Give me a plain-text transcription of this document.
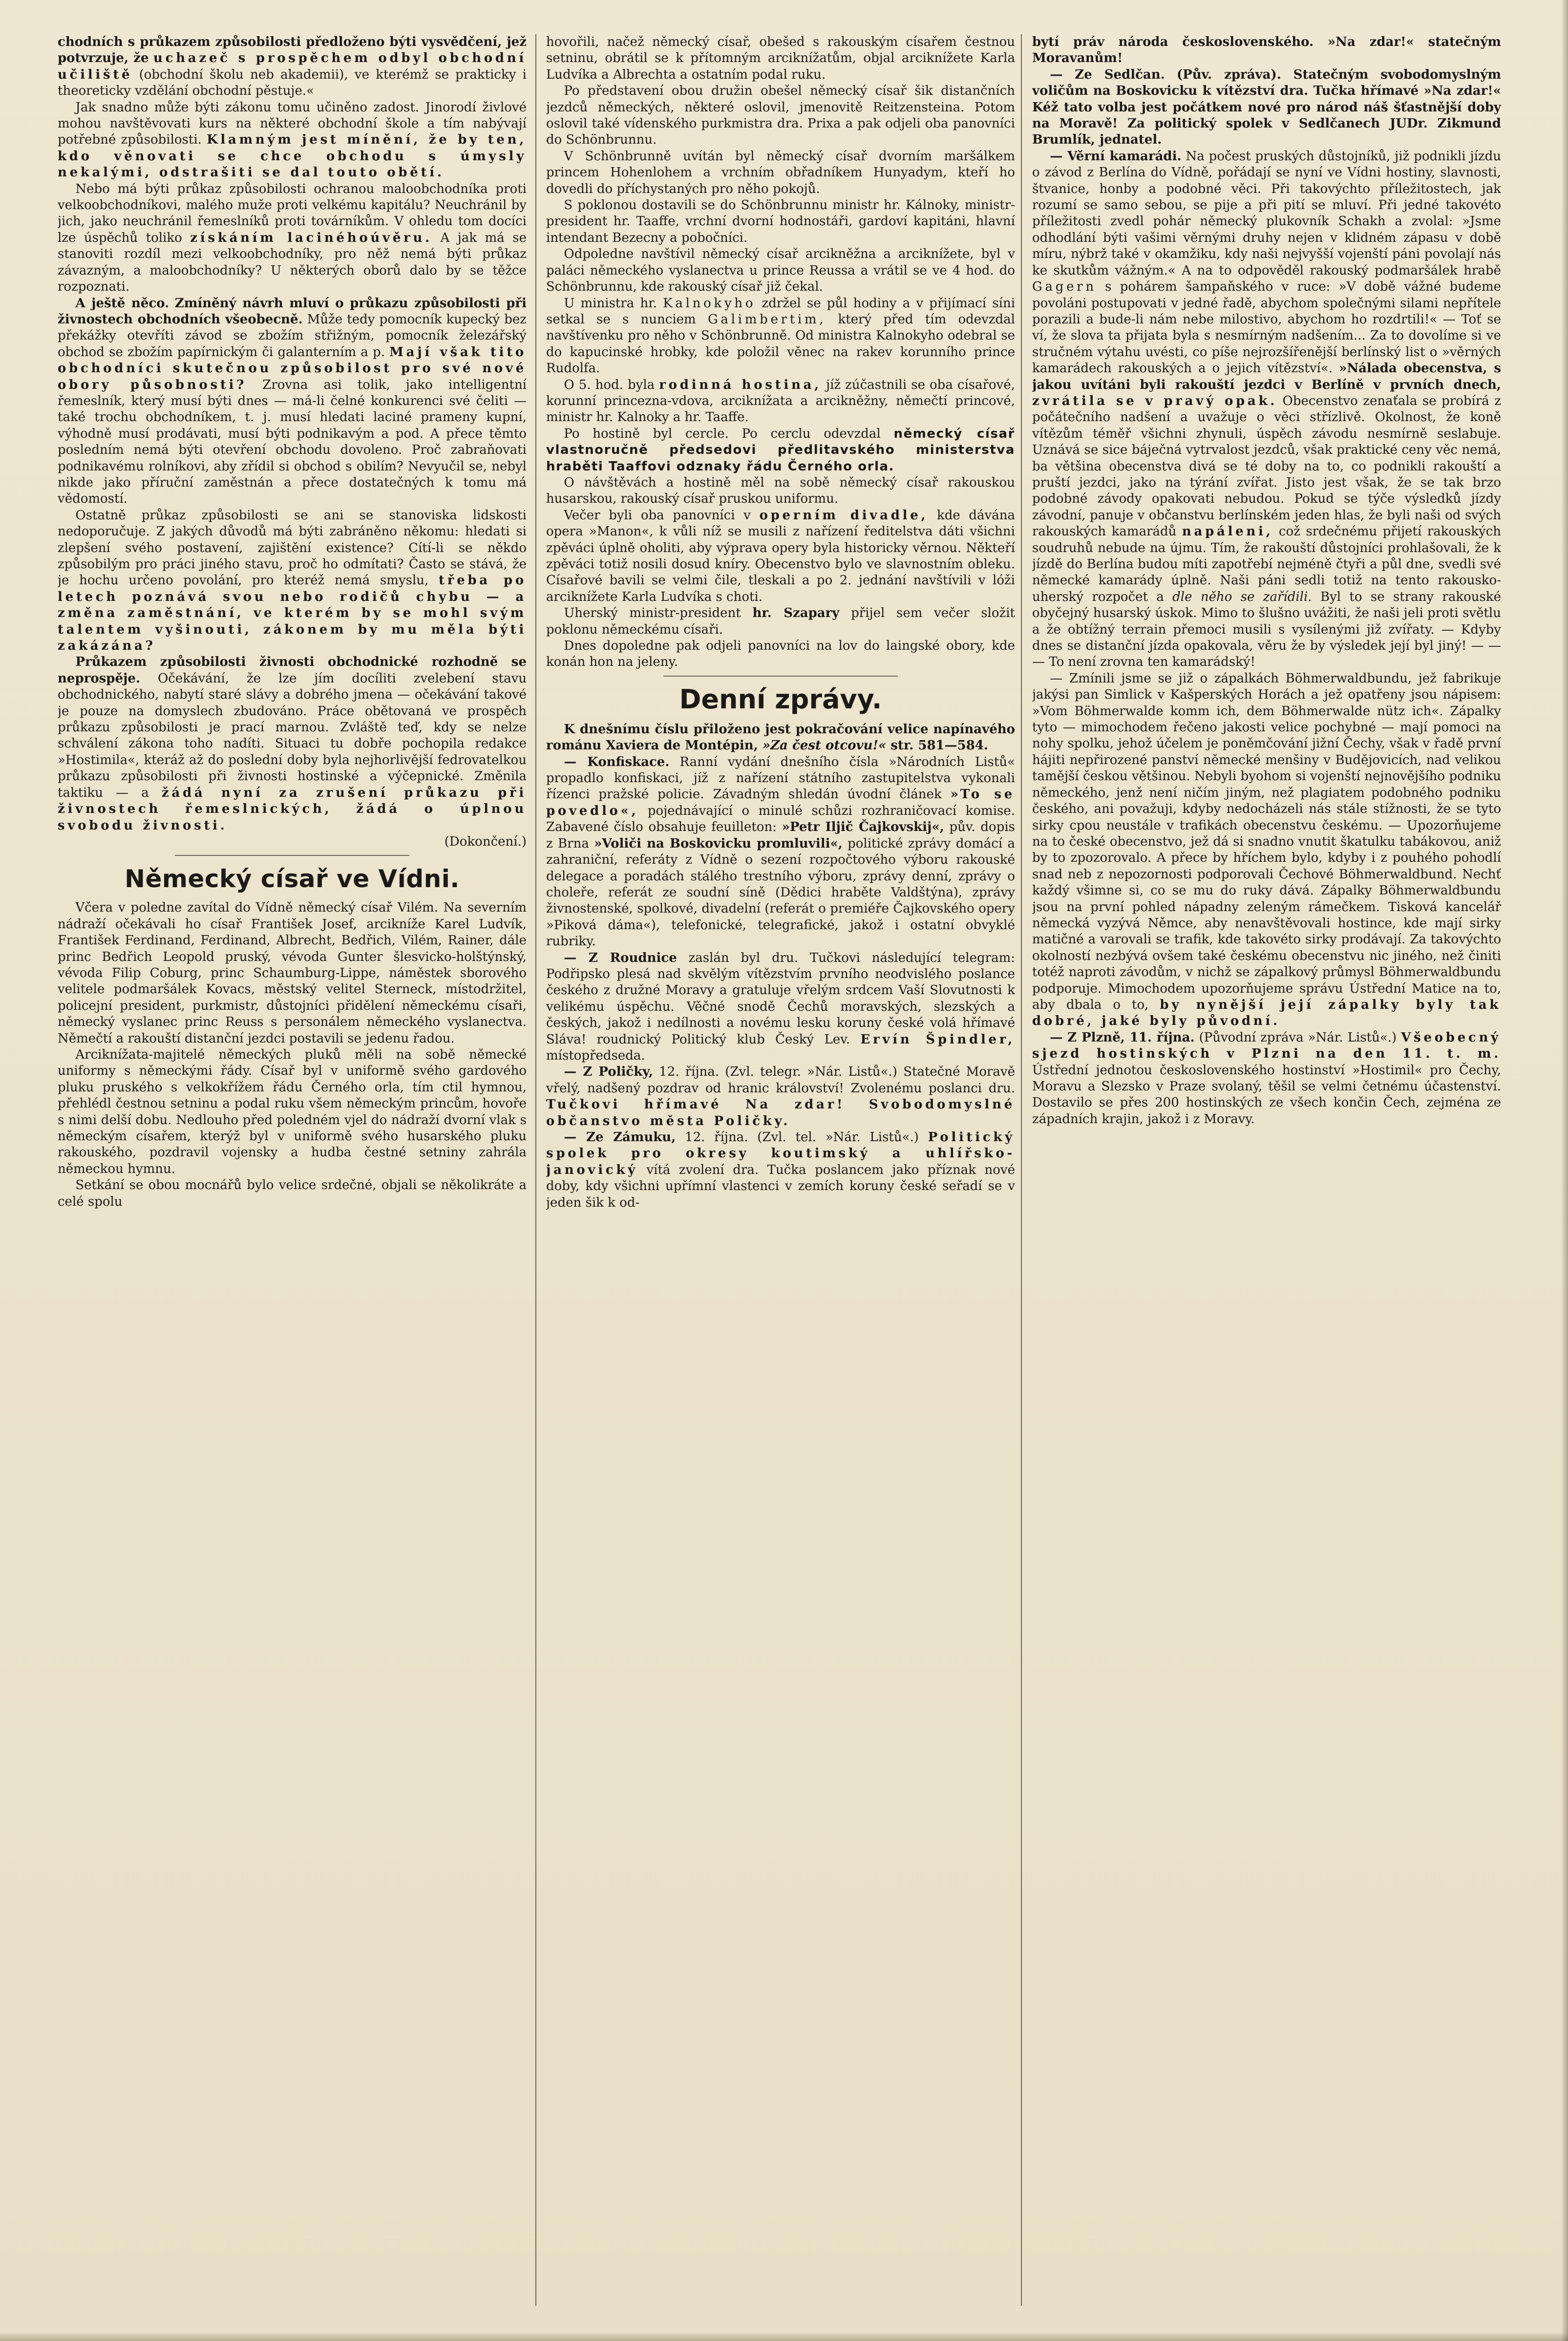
chodních s průkazem způsobilosti předloženo býti vysvědčení, jež potvrzuje, že uchazeč s prospěchem odbyl obchodní učiliště (obchodní školu neb akademii), ve kterémž se prakticky i theoreticky vzdělání obchodní pěstuje.«

Jak snadno může býti zákonu tomu učiněno zadost. Jinorodí živlové mohou navštěvovati kurs na některé obchodní škole a tím nabývají potřebné způsobilosti. Klamným jest mínění, že by ten, kdo věnovati se chce obchodu s úmysly nekalými, odstrašiti se dal touto obětí.

Nebo má býti průkaz způsobilosti ochranou maloobchodníka proti velkoobchodníkovi, malého muže proti velkému kapitálu? Neuchránil by jich, jako neuchránil řemeslníků proti továrníkům. V ohledu tom docíci lze úspěchů toliko získáním lacinéhoúvěru. A jak má se stanoviti rozdíl mezi velkoobchodníky, pro něž nemá býti průkaz závazným, a maloobchodníky? U některých oborů dalo by se těžce rozpoznati.

A ještě něco. Zmíněný návrh mluví o průkazu způsobilosti při živnostech obchodních všeobecně. Může tedy pomocník kupecký bez překážky otevříti závod se zbožím střižným, pomocník železářský obchod se zbožím papírnickým či galanterním a p. Mají však tito obchodníci skutečnou způsobilost pro své nové obory působnosti? Zrovna asi tolik, jako intelligentní řemeslník, který musí býti dnes — má-li čelné konkurenci své čeliti — také trochu obchodníkem, t. j. musí hledati laciné prameny kupní, výhodně musí prodávati, musí býti podnikavým a pod. A přece těmto posledním nemá býti otevření obchodu dovoleno. Proč zabraňovati podnikavému rolníkovi, aby zřídil si obchod s obilím? Nevyučil se, nebyl nikde jako příruční zaměstnán a přece dostatečných k tomu má vědomostí.

Ostatně průkaz způsobilosti se ani se stanoviska lidskosti nedoporučuje. Z jakých důvodů má býti zabráněno někomu: hledati si zlepšení svého postavení, zajištění existence? Cítí-li se někdo způsobilým pro práci jiného stavu, proč ho odmítati? Často se stává, že je hochu určeno povolání, pro kteréž nemá smyslu, třeba po letech poznává svou nebo rodičů chybu — a změna zaměstnání, ve kterém by se mohl svým talentem vyšinouti, zákonem by mu měla býti zakázána?

Průkazem způsobilosti živnosti obchodnické rozhodně se neprospěje. Očekávání, že lze jím docíliti zvelebení stavu obchodnického, nabytí staré slávy a dobrého jmena — očekávání takové je pouze na domyslech zbudováno. Práce obětovaná ve prospěch průkazu způsobilosti je prací marnou. Zvláště teď, kdy se nelze schválení zákona toho nadíti. Situaci tu dobře pochopila redakce »Hostimila«, kteráž až do poslední doby byla nejhorlivější fedrovatelkou průkazu způsobilosti při živnosti hostinské a výčepnické. Změnila taktiku — a žádá nyní za zrušení průkazu při živnostech řemeslnických, žádá o úplnou svobodu živnosti.

(Dokončení.)

Německý císař ve Vídni.

Včera v poledne zavítal do Vídně německý císař Vilém. Na severním nádraží očekávali ho císař František Josef, arcikníže Karel Ludvík, František Ferdinand, Ferdinand, Albrecht, Bedřich, Vilém, Rainer, dále princ Bedřich Leopold pruský, vévoda Gunter šlesvicko-holštýnský, vévoda Filip Coburg, princ Schaumburg-Lippe, náměstek sborového velitele podmaršálek Kovacs, městský velitel Sterneck, místodržitel, policejní president, purkmistr, důstojníci přidělení německému císaři, německý vyslanec princ Reuss s personálem německého vyslanectva. Němečtí a rakouští distanční jezdci postavili se jedenu řadou.

Arciknížata-majitelé německých pluků měli na sobě německé uniformy s německými řády. Císař byl v uniformě svého gardového pluku pruského s velkokřížem řádu Černého orla, tím ctil hymnou, přehlédl čestnou setninu a podal ruku všem německým princům, hovoře s nimi delší dobu. Nedlouho před poledném vjel do nádraží dvorní vlak s německým císařem, kterýž byl v uniformě svého husarského pluku rakouského, pozdravil vojensky a hudba čestné setniny zahrála německou hymnu.

Setkání se obou mocnářů bylo velice srdečné, objali se několikráte a celé spolu

hovořili, načež německý císař, obešed s rakouským císařem čestnou setninu, obrátil se k přítomným arciknížatům, objal arciknížete Karla Ludvíka a Albrechta a ostatním podal ruku.

Po představení obou družin obešel německý císař šik distančních jezdců německých, některé oslovil, jmenovitě Reitzensteina. Potom oslovil také vídenského purkmistra dra. Prixa a pak odjeli oba panovníci do Schönbrunnu.

V Schönbrunně uvítán byl německý císař dvorním maršálkem princem Hohenlohem a vrchním obřadníkem Hunyadym, kteří ho dovedli do příchystaných pro něho pokojů.

S poklonou dostavili se do Schönbrunnu ministr hr. Kálnoky, ministr-president hr. Taaffe, vrchní dvorní hodnostáři, gardoví kapitáni, hlavní intendant Bezecny a pobočníci.

Odpoledne navštívil německý císař arcikněžna a arciknížete, byl v paláci německého vyslanectva u prince Reussa a vrátil se ve 4 hod. do Schönbrunnu, kde rakouský císař již čekal.

U ministra hr. Kalnokyho zdržel se půl hodiny a v přijímací síni setkal se s nunciem Galimbertim, který před tím odevzdal navštívenku pro něho v Schönbrunně. Od ministra Kalnokyho odebral se do kapucinské hrobky, kde položil věnec na rakev korunního prince Rudolfa.

O 5. hod. byla rodinná hostina, jíž zúčastnili se oba císařové, korunní princezna-vdova, arciknížata a arcikněžny, němečtí princové, ministr hr. Kalnoky a hr. Taaffe.

Po hostině byl cercle. Po cerclu odevzdal německý císař vlastnoručně předsedovi předlitavského ministerstva hraběti Taaffovi odznaky řádu Černého orla.

O návštěvách a hostině měl na sobě německý císař rakouskou husarskou, rakouský císař pruskou uniformu.

Večer byli oba panovníci v operním divadle, kde dávána opera »Manon«, k vůli níž se musili z nařízení ředitelstva dáti všichni zpěváci úplně oholiti, aby výprava opery byla historicky věrnou. Někteří zpěváci totiž nosili dosud kníry. Obecenstvo bylo ve slavnostním obleku. Císařové bavili se velmi čile, tleskali a po 2. jednání navštívili v lóži arciknížete Karla Ludvíka s choti.

Uherský ministr-president hr. Szapary přijel sem večer složit poklonu německému císaři.

Dnes dopoledne pak odjeli panovníci na lov do laingské obory, kde konán hon na jeleny.

Denní zprávy.

K dnešnímu číslu přiloženo jest pokračování velice napínavého románu Xaviera de Montépin, »Za čest otcovu!« str. 581—584.

— Konfiskace. Ranní vydání dnešního čísla »Národních Listů« propadlo konfiskaci, jíž z nařízení státního zastupitelstva vykonali řízenci pražské policie. Závadným shledán úvodní článek »To se povedlo«, pojednávající o minulé schůzi rozhraničovací komise. Zabavené číslo obsahuje feuilleton: »Petr Iljič Čajkovskij«, pův. dopis z Brna »Voliči na Boskovicku promluvili«, politické zprávy domácí a zahraniční, referáty z Vídně o sezení rozpočtového výboru rakouské delegace a poradách stálého trestního výboru, zprávy denní, zprávy o choleře, referát ze soudní síně (Dědici hraběte Valdštýna), zprávy živnostenské, spolkové, divadelní (referát o premiéře Čajkovského opery »Piková dáma«), telefonické, telegrafické, jakož i ostatní obvyklé rubriky.

— Z Roudnice zaslán byl dru. Tučkovi následující telegram: Podřipsko plesá nad skvělým vítězstvím prvního neodvislého poslance českého z družné Moravy a gratuluje vřelým srdcem Vaší Slovutnosti k velikému úspěchu. Věčné snodě Čechů moravských, slezských a českých, jakož i nedílnosti a novému lesku koruny české volá hřímavé Sláva! roudnický Politický klub Český Lev. Ervín Špindler, místopředseda.

— Z Poličky, 12. října. (Zvl. telegr. »Nár. Listů«.) Statečné Moravě vřelý, nadšený pozdrav od hranic království! Zvolenému poslanci dru. Tučkovi hřímavé Na zdar! Svobodomyslné občanstvo města Poličky.

— Ze Zámuku, 12. října. (Zvl. tel. »Nár. Listů«.) Politický spolek pro okresy koutimský a uhlířsko-janovický vítá zvolení dra. Tučka poslancem jako příznak nové doby, kdy všichni upřímní vlastenci v zemích koruny české seřadí se v jeden šik k od-

bytí práv národa československého. »Na zdar!« statečným Moravanům!

— Ze Sedlčan. (Pův. zpráva). Statečným svobodomyslným voličům na Boskovicku k vítězství dra. Tučka hřímavé »Na zdar!« Kéž tato volba jest počátkem nové pro národ náš šťastnější doby na Moravě! Za politický spolek v Sedlčanech JUDr. Zikmund Brumlík, jednatel.

— Věrní kamarádi. Na počest pruských důstojníků, již podnikli jízdu o závod z Berlína do Vídně, pořádají se nyní ve Vídni hostiny, slavnosti, štvanice, honby a podobné věci. Při takovýchto příležitostech, jak rozumí se samo sebou, se pije a při pití se mluví. Při jedné takovéto příležitosti zvedl pohár německý plukovník Schakh a zvolal: »Jsme odhodlání býti vašimi věrnými druhy nejen v klidném zápasu v době míru, nýbrž také v okamžiku, kdy naši nejvyšší vojenští páni povolají nás ke skutkům vážným.« A na to odpověděl rakouský podmaršálek hrabě Gagern s pohárem šampaňského v ruce: »V době vážné budeme povoláni postupovati v jedné řadě, abychom společnými silami nepřítele porazili a bude-li nám nebe milostivo, abychom ho rozdrtili!« — Toť se ví, že slova ta přijata byla s nesmírným nadšením... Za to dovolíme si ve stručném výtahu uvésti, co píše nejrozšířenější berlínský list o »věrných kamarádech rakouských a o jejich vítězství«. »Nálada obecenstva, s jakou uvítáni byli rakouští jezdci v Berlíně v prvních dnech, zvrátila se v pravý opak. Obecenstvo zenaťala se probírá z počátečního nadšení a uvažuje o věci střízlivě. Okolnost, že koně vítězům téměř všichni zhynuli, úspěch závodu nesmírně seslabuje. Uznává se sice báječná vytrvalost jezdců, však praktické ceny věc nemá, ba většina obecenstva divá se té doby na to, co podnikli rakouští a pruští jezdci, jako na týrání zvířat. Jisto jest však, že se tak brzo podobné závody opakovati nebudou. Pokud se týče výsledků jízdy závodní, panuje v občanstvu berlínském jeden hlas, že byli naši od svých rakouských kamarádů napáleni, což srdečnému přijetí rakouských soudruhů nebude na újmu. Tím, že rakouští důstojníci prohlašovali, že k jízdě do Berlína budou míti zapotřebí nejméně čtyři a půl dne, svedli své německé kamarády úplně. Naši páni sedli totiž na tento rakousko-uherský rozpočet a dle něho se zařídili. Byl to se strany rakouské obyčejný husarský úskok. Mimo to šlušno uvážiti, že naši jeli proti světlu a že obtížný terrain přemoci musili s vysílenými již zvířaty. — Kdyby dnes se distanční jízda opakovala, věru že by výsledek její byl jiný! — — — To není zrovna ten kamarádský!

— Zmínili jsme se již o zápalkách Böhmerwaldbundu, jež fabrikuje jakýsi pan Simlick v Kašperských Horách a jež opatřeny jsou nápisem: »Vom Böhmerwalde komm ich, dem Böhmerwalde nütz ich«. Zápalky tyto — mimochodem řečeno jakosti velice pochybné — mají pomoci na nohy spolku, jehož účelem je poněmčování jižní Čechy, však v řadě první hájiti nepřirozené panství německé menšiny v Budějovicích, nad velikou tamější českou většinou. Nebyli byohom si vojenští nejnovějšího podniku německého, jenž není ničím jiným, než plagiatem podobného podniku českého, ani považuji, kdyby nedocházeli nás stále stížnosti, že se tyto sirky cpou neustále v trafikách obecenstvu českému. — Upozorňujeme na to české obecenstvo, jež dá si snadno vnutit škatulku tabákovou, aniž by to zpozorovalo. A přece by hříchem bylo, kdyby i z pouhého pohodlí snad neb z nepozornosti podporovali Čechové Böhmerwaldbund. Nechť každý všimne si, co se mu do ruky dává. Zápalky Böhmerwaldbundu jsou na první pohled nápadny zeleným rámečkem. Tisková kancelář německá vyzývá Němce, aby nenavštěvovali hostince, kde mají sirky matičné a varovali se trafik, kde takovéto sirky prodávají. Za takovýchto okolností nezbývá ovšem také českému obecenstvu nic jiného, než činiti totéž naproti závodům, v nichž se zápalkový průmysl Böhmerwaldbundu podporuje. Mimochodem upozorňujeme správu Ústřední Matice na to, aby dbala o to, by nynější její zápalky byly tak dobré, jaké byly původní.

— Z Plzně, 11. října. (Původní zpráva »Nár. Listů«.) Všeobecný sjezd hostinských v Plzni na den 11. t. m. Ústřední jednotou československého hostinství »Hostimil« pro Čechy, Moravu a Slezsko v Praze svolaný, těšil se velmi četnému účastenství. Dostavilo se přes 200 hostinských ze všech končin Čech, zejména ze západních krajin, jakož i z Moravy.
